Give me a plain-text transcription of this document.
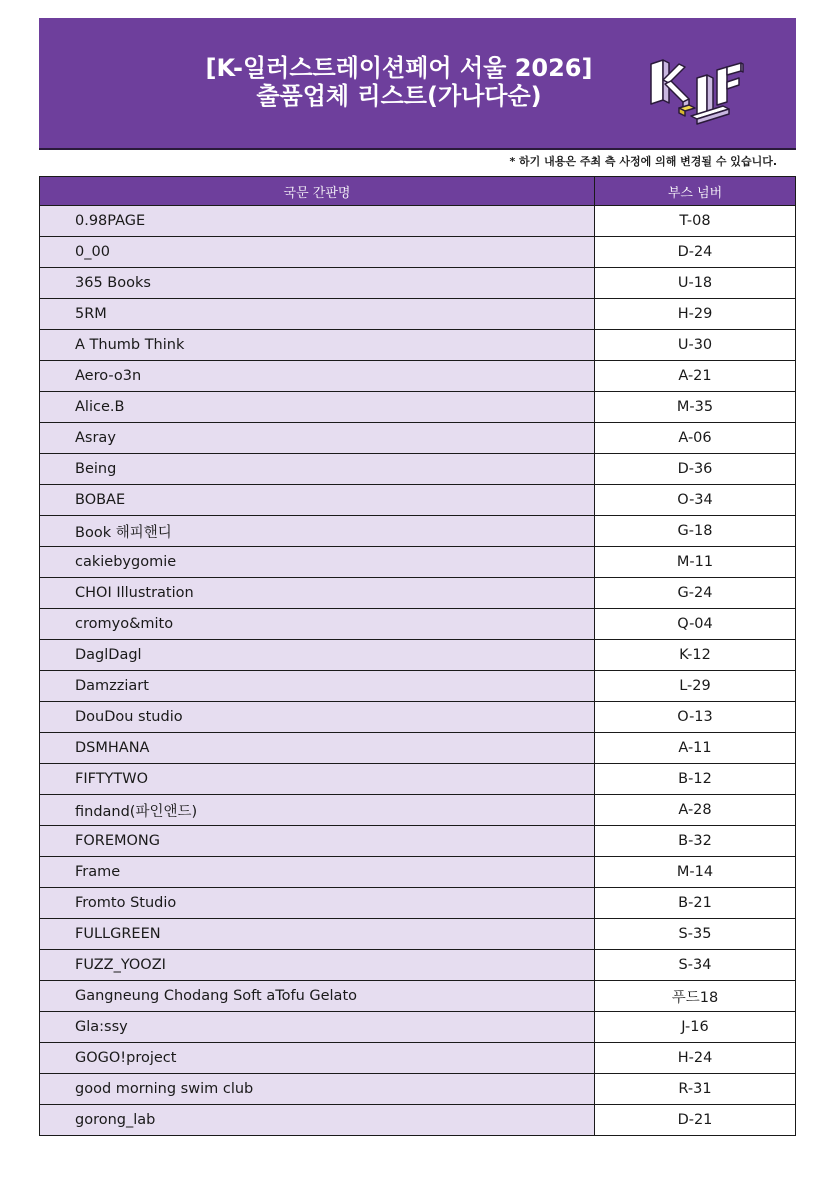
[K-일러스트레이션페어 서울 2026]
출품업체 리스트(가나다순)
* 하기 내용은 주최 측 사정에 의해 변경될 수 있습니다.
국문 간판명	부스 넘버
0.98PAGE	T-08
0_00	D-24
365 Books	U-18
5RM	H-29
A Thumb Think	U-30
Aero-o3n	A-21
Alice.B	M-35
Asray	A-06
Being	D-36
BOBAE	O-34
Book 해피핸디	G-18
cakiebygomie	M-11
CHOI Illustration	G-24
cromyo&mito	Q-04
DaglDagl	K-12
Damzziart	L-29
DouDou studio	O-13
DSMHANA	A-11
FIFTYTWO	B-12
findand(파인앤드)	A-28
FOREMONG	B-32
Frame	M-14
Fromto Studio	B-21
FULLGREEN	S-35
FUZZ_YOOZI	S-34
Gangneung Chodang Soft aTofu Gelato	푸드18
Gla:ssy	J-16
GOGO!project	H-24
good morning swim club	R-31
gorong_lab	D-21
